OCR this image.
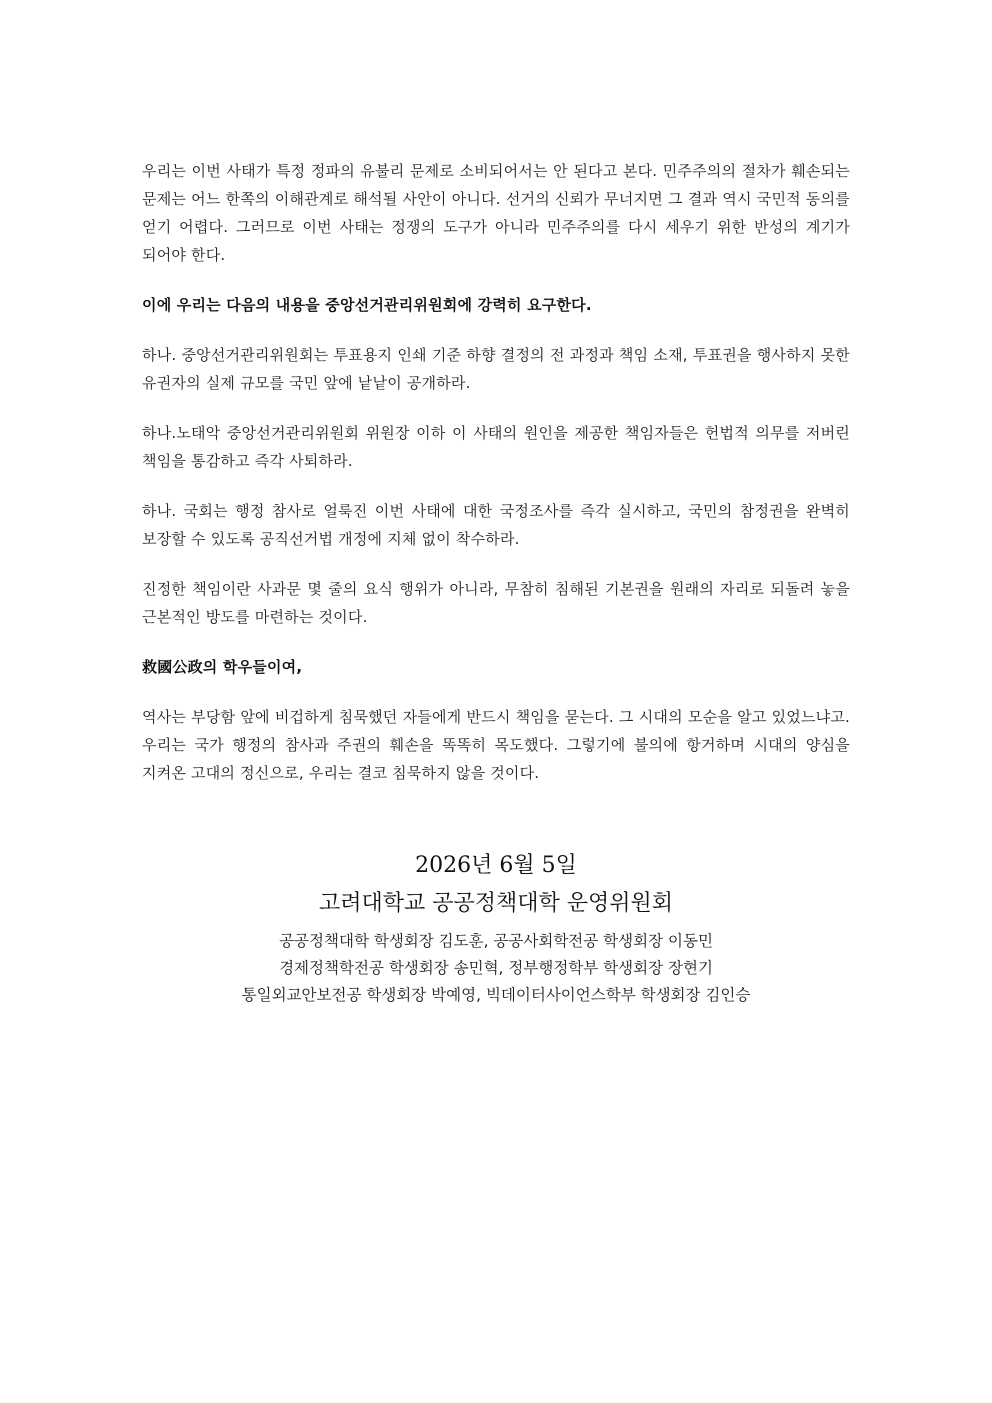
우리는 이번 사태가 특정 정파의 유불리 문제로 소비되어서는 안 된다고 본다. 민주주의의 절차가 훼손되는 문제는 어느 한쪽의 이해관계로 해석될 사안이 아니다. 선거의 신뢰가 무너지면 그 결과 역시 국민적 동의를 얻기 어렵다. 그러므로 이번 사태는 정쟁의 도구가 아니라 민주주의를 다시 세우기 위한 반성의 계기가 되어야 한다.

이에 우리는 다음의 내용을 중앙선거관리위원회에 강력히 요구한다.

하나. 중앙선거관리위원회는 투표용지 인쇄 기준 하향 결정의 전 과정과 책임 소재, 투표권을 행사하지 못한 유권자의 실제 규모를 국민 앞에 낱낱이 공개하라.

하나.노태악 중앙선거관리위원회 위원장 이하 이 사태의 원인을 제공한 책임자들은 헌법적 의무를 저버린 책임을 통감하고 즉각 사퇴하라.

하나. 국회는 행정 참사로 얼룩진 이번 사태에 대한 국정조사를 즉각 실시하고, 국민의 참정권을 완벽히 보장할 수 있도록 공직선거법 개정에 지체 없이 착수하라.

진정한 책임이란 사과문 몇 줄의 요식 행위가 아니라, 무참히 침해된 기본권을 원래의 자리로 되돌려 놓을 근본적인 방도를 마련하는 것이다.

救國公政의 학우들이여,

역사는 부당함 앞에 비겁하게 침묵했던 자들에게 반드시 책임을 묻는다. 그 시대의 모순을 알고 있었느냐고. 우리는 국가 행정의 참사과 주권의 훼손을 똑똑히 목도했다. 그렇기에 불의에 항거하며 시대의 양심을 지켜온 고대의 정신으로, 우리는 결코 침묵하지 않을 것이다.

2026년 6월 5일
고려대학교 공공정책대학 운영위원회

공공정책대학 학생회장 김도훈, 공공사회학전공 학생회장 이동민

경제정책학전공 학생회장 송민혁, 정부행정학부 학생회장 장현기

통일외교안보전공 학생회장 박예영, 빅데이터사이언스학부 학생회장 김인승
